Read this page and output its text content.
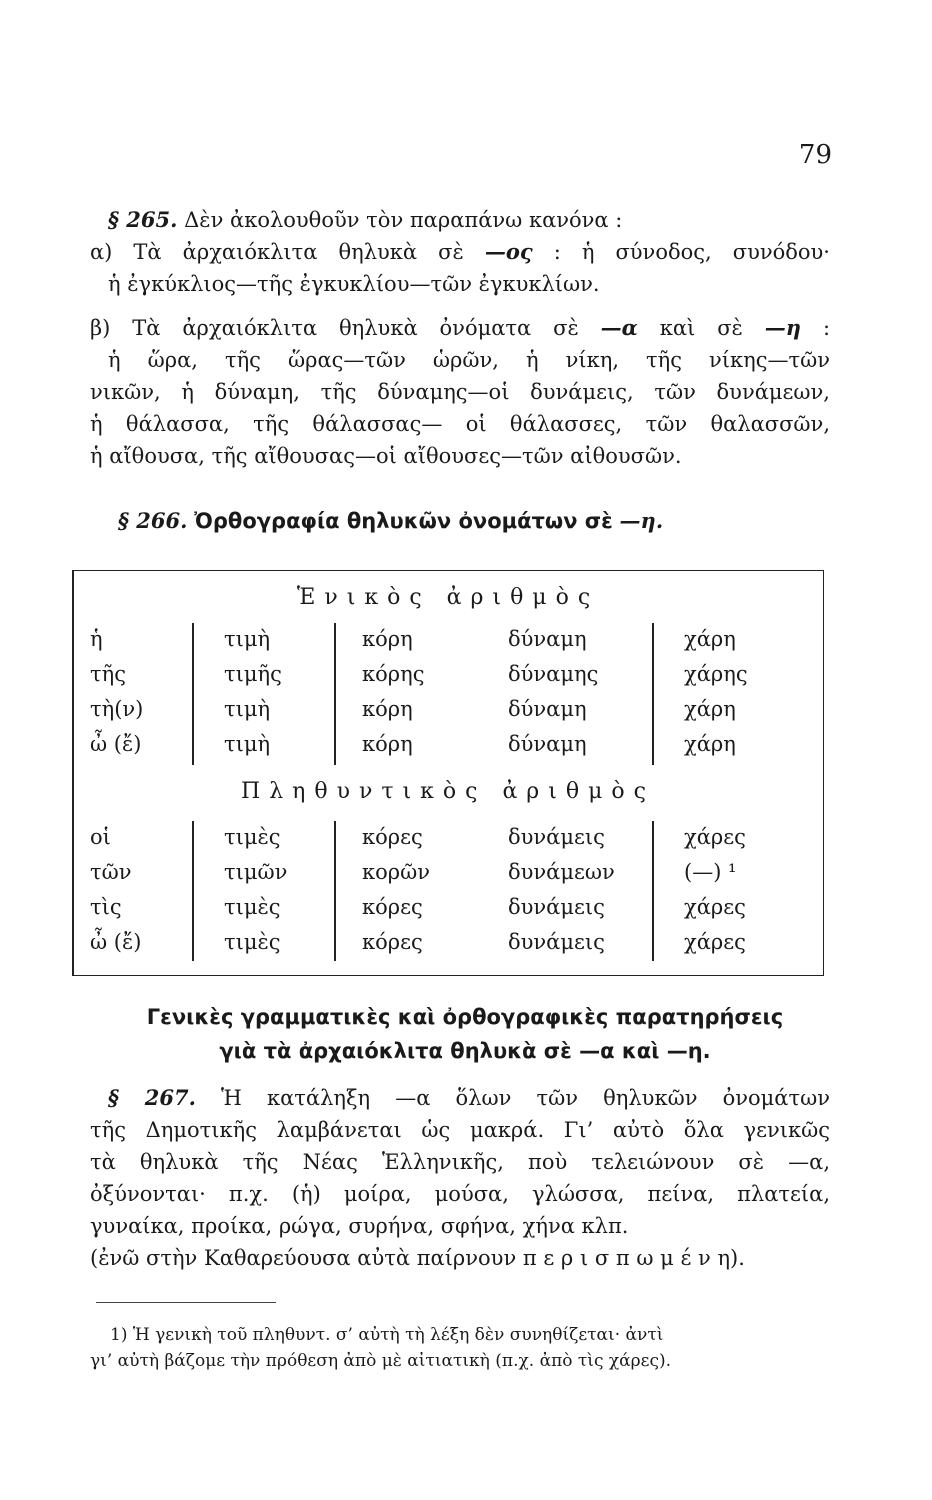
79

§ 265. Δὲν ἀκολουθοῦν τὸν παραπάνω κανόνα :

α) Τὰ ἀρχαιόκλιτα θηλυκὰ σὲ —ος : ἡ σύνοδος, συνόδου·

ἡ ἐγκύκλιος—τῆς ἐγκυκλίου—τῶν ἐγκυκλίων.

β) Τὰ ἀρχαιόκλιτα θηλυκὰ ὀνόματα σὲ —α καὶ σὲ —η :

ἡ ὥρα, τῆς ὥρας—τῶν ὡρῶν, ἡ νίκη, τῆς νίκης—τῶν

νικῶν, ἡ δύναμη, τῆς δύναμης—οἱ δυνάμεις, τῶν δυνάμεων,

ἡ θάλασσα, τῆς θάλασσας— οἱ θάλασσες, τῶν θαλασσῶν,

ἡ αἴθουσα, τῆς αἴθουσας—οἱ αἴθουσες—τῶν αἰθουσῶν.

§ 266. Ὀρθογραφία θηλυκῶν ὀνομάτων σὲ —η.
Ἑνικὸς ἀριθμὸς
ἡ	τιμὴ	κόρη	δύναμη	χάρη
τῆς	τιμῆς	κόρης	δύναμης	χάρης
τὴ(ν)	τιμὴ	κόρη	δύναμη	χάρη
ὦ (ἔ)	τιμὴ	κόρη	δύναμη	χάρη
Πληθυντικὸς ἀριθμὸς
οἱ	τιμὲς	κόρες	δυνάμεις	χάρες
τῶν	τιμῶν	κορῶν	δυνάμεων	(—) ¹
τὶς	τιμὲς	κόρες	δυνάμεις	χάρες
ὦ (ἔ)	τιμὲς	κόρες	δυνάμεις	χάρες
Γενικὲς γραμματικὲς καὶ ὀρθογραφικὲς παρατηρήσεις
γιὰ τὰ ἀρχαιόκλιτα θηλυκὰ σὲ —α καὶ —η.

§ 267. Ἡ κατάληξη —α ὅλων τῶν θηλυκῶν ὀνομάτων

τῆς Δημοτικῆς λαμβάνεται ὡς μακρά. Γι’ αὐτὸ ὅλα γενικῶς

τὰ θηλυκὰ τῆς Νέας Ἑλληνικῆς, ποὺ τελειώνουν σὲ —α,

ὀξύνονται· π.χ. (ἡ) μοίρα, μούσα, γλώσσα, πείνα, πλατεία,

γυναίκα, προίκα, ρώγα, συρήνα, σφήνα, χήνα κλπ.

(ἐνῶ στὴν Καθαρεύουσα αὐτὰ παίρνουν π ε ρ ι σ π ω μ έ ν η).

1) Ἡ γενικὴ τοῦ πληθυντ. σ’ αὐτὴ τὴ λέξη δὲν συνηθίζεται· ἀντὶ

γι’ αὐτὴ βάζομε τὴν πρόθεση ἀπὸ μὲ αἰτιατικὴ (π.χ. ἀπὸ τὶς χάρες).
